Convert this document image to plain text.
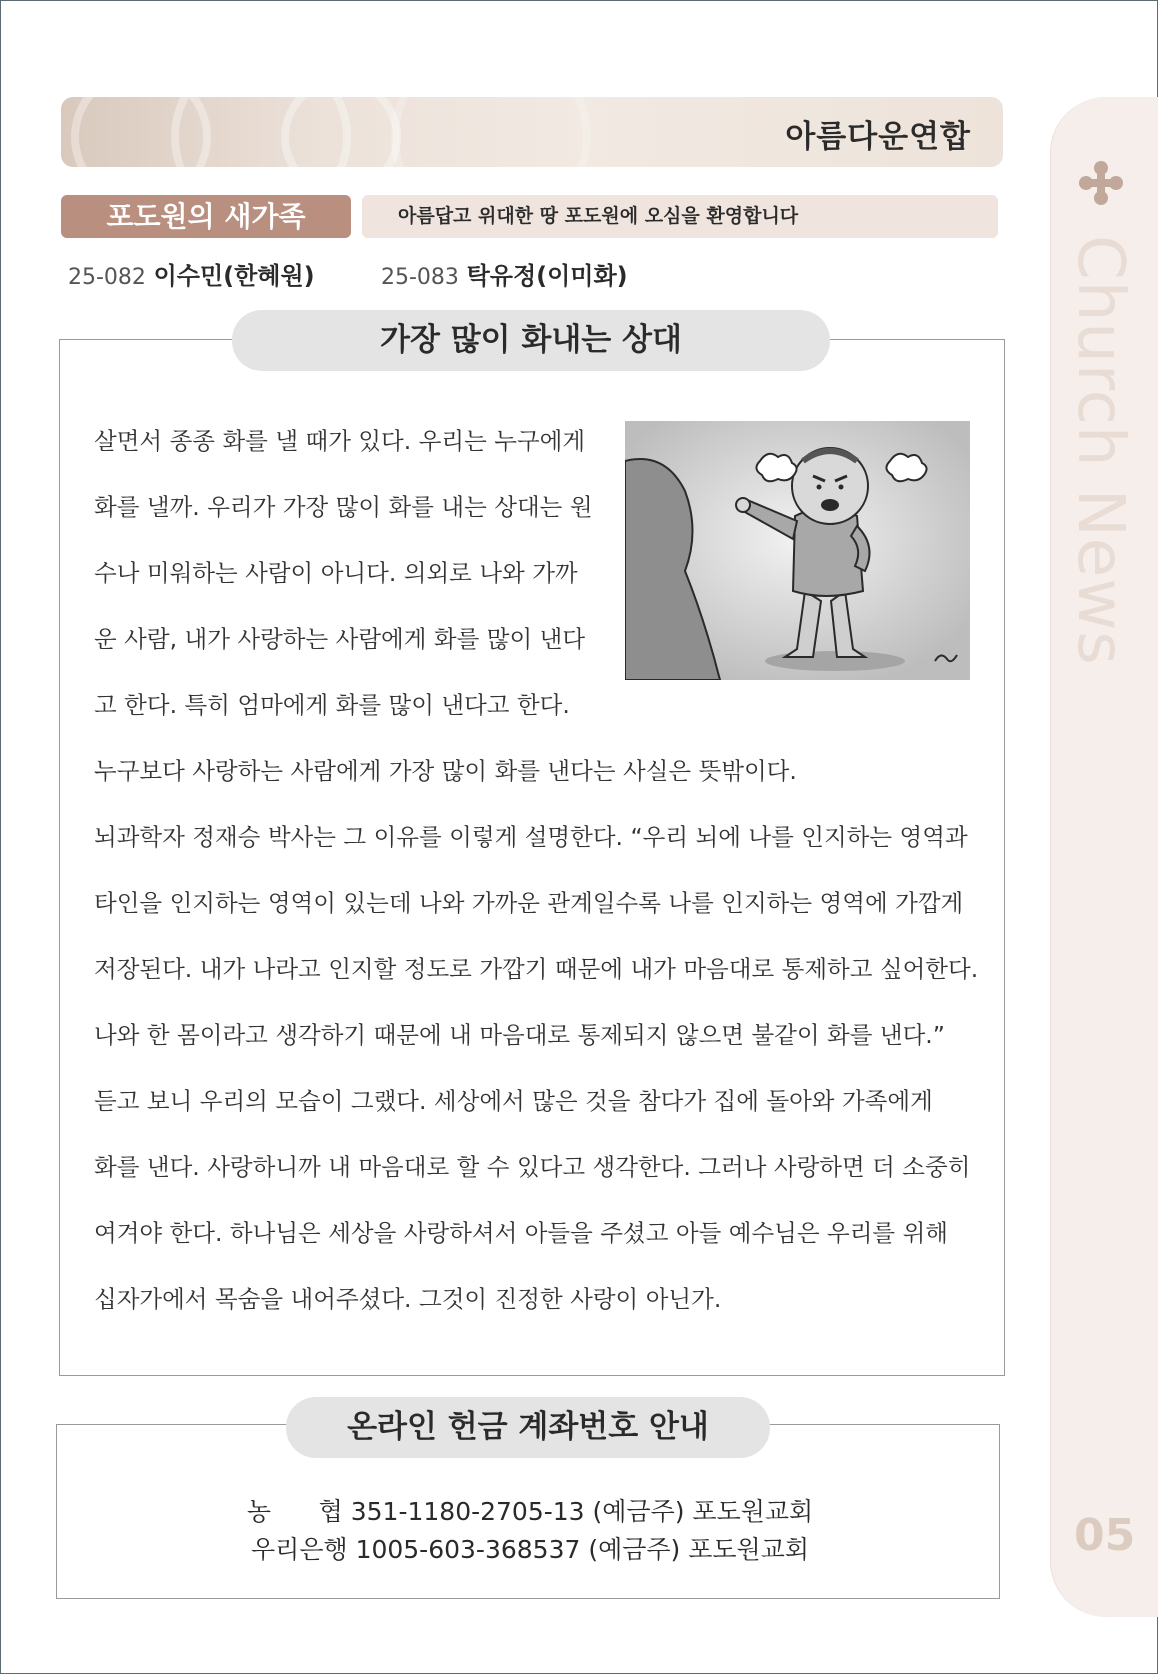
아름다운연합
Church News
05
포도원의 새가족	아름답고 위대한 땅 포도원에 오심을 환영합니다
25-082 이수민(한혜원)	25-083 탁유정(이미화)
가장 많이 화내는 상대
살면서 종종 화를 낼 때가 있다. 우리는 누구에게
화를 낼까. 우리가 가장 많이 화를 내는 상대는 원
수나 미워하는 사람이 아니다. 의외로 나와 가까
운 사람, 내가 사랑하는 사람에게 화를 많이 낸다
고 한다. 특히 엄마에게 화를 많이 낸다고 한다.
누구보다 사랑하는 사람에게 가장 많이 화를 낸다는 사실은 뜻밖이다.
뇌과학자 정재승 박사는 그 이유를 이렇게 설명한다. “우리 뇌에 나를 인지하는 영역과
타인을 인지하는 영역이 있는데 나와 가까운 관계일수록 나를 인지하는 영역에 가깝게
저장된다. 내가 나라고 인지할 정도로 가깝기 때문에 내가 마음대로 통제하고 싶어한다.
나와 한 몸이라고 생각하기 때문에 내 마음대로 통제되지 않으면 불같이 화를 낸다.”
듣고 보니 우리의 모습이 그랬다. 세상에서 많은 것을 참다가 집에 돌아와 가족에게
화를 낸다. 사랑하니까 내 마음대로 할 수 있다고 생각한다. 그러나 사랑하면 더 소중히
여겨야 한다. 하나님은 세상을 사랑하셔서 아들을 주셨고 아들 예수님은 우리를 위해
십자가에서 목숨을 내어주셨다. 그것이 진정한 사랑이 아닌가.
온라인 헌금 계좌번호 안내
농      협 351-1180-2705-13 (예금주) 포도원교회
우리은행 1005-603-368537 (예금주) 포도원교회
